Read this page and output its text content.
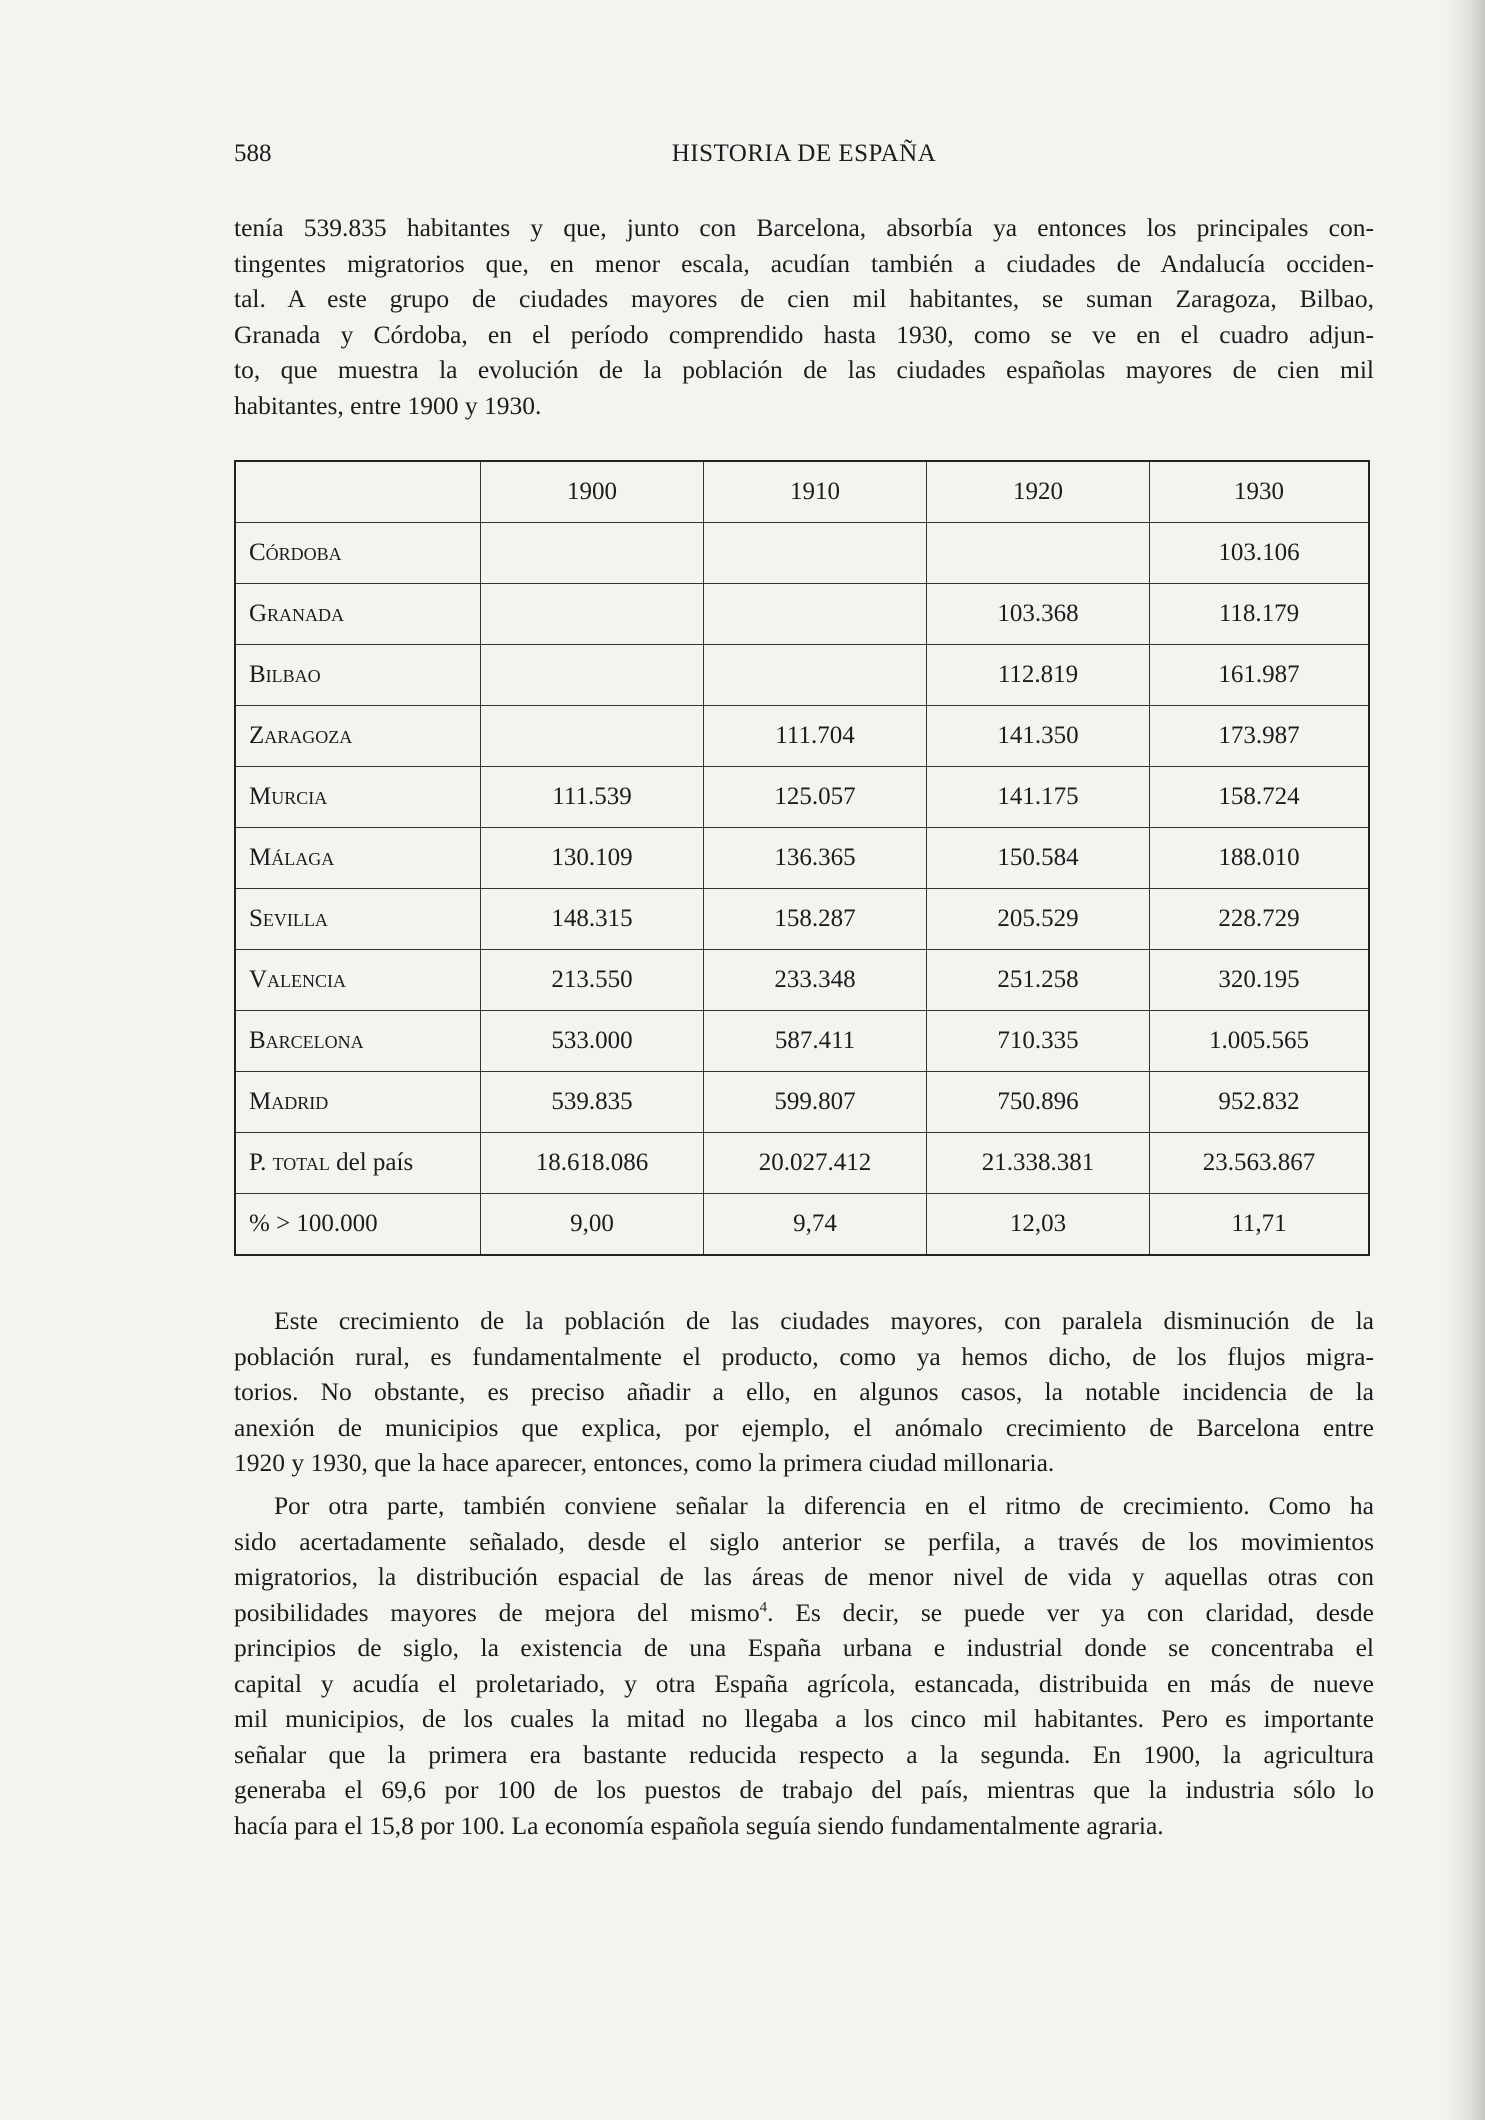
588	HISTORIA DE ESPAÑA

tenía 539.835 habitantes y que, junto con Barcelona, absorbía ya entonces los principales con-
tingentes migratorios que, en menor escala, acudían también a ciudades de Andalucía occiden-
tal. A este grupo de ciudades mayores de cien mil habitantes, se suman Zaragoza, Bilbao,
Granada y Córdoba, en el período comprendido hasta 1930, como se ve en el cuadro adjun-
to, que muestra la evolución de la población de las ciudades españolas mayores de cien mil
habitantes, entre 1900 y 1930.

	1900	1910	1920	1930
Córdoba				103.106
Granada			103.368	118.179
Bilbao			112.819	161.987
Zaragoza		111.704	141.350	173.987
Murcia	111.539	125.057	141.175	158.724
Málaga	130.109	136.365	150.584	188.010
Sevilla	148.315	158.287	205.529	228.729
Valencia	213.550	233.348	251.258	320.195
Barcelona	533.000	587.411	710.335	1.005.565
Madrid	539.835	599.807	750.896	952.832
P. total del país	18.618.086	20.027.412	21.338.381	23.563.867
% > 100.000	9,00	9,74	12,03	11,71

Este crecimiento de la población de las ciudades mayores, con paralela disminución de la
población rural, es fundamentalmente el producto, como ya hemos dicho, de los flujos migra-
torios. No obstante, es preciso añadir a ello, en algunos casos, la notable incidencia de la
anexión de municipios que explica, por ejemplo, el anómalo crecimiento de Barcelona entre
1920 y 1930, que la hace aparecer, entonces, como la primera ciudad millonaria.

Por otra parte, también conviene señalar la diferencia en el ritmo de crecimiento. Como ha
sido acertadamente señalado, desde el siglo anterior se perfila, a través de los movimientos
migratorios, la distribución espacial de las áreas de menor nivel de vida y aquellas otras con
posibilidades mayores de mejora del mismo$^4$. Es decir, se puede ver ya con claridad, desde
principios de siglo, la existencia de una España urbana e industrial donde se concentraba el
capital y acudía el proletariado, y otra España agrícola, estancada, distribuida en más de nueve
mil municipios, de los cuales la mitad no llegaba a los cinco mil habitantes. Pero es importante
señalar que la primera era bastante reducida respecto a la segunda. En 1900, la agricultura
generaba el 69,6 por 100 de los puestos de trabajo del país, mientras que la industria sólo lo
hacía para el 15,8 por 100. La economía española seguía siendo fundamentalmente agraria.
